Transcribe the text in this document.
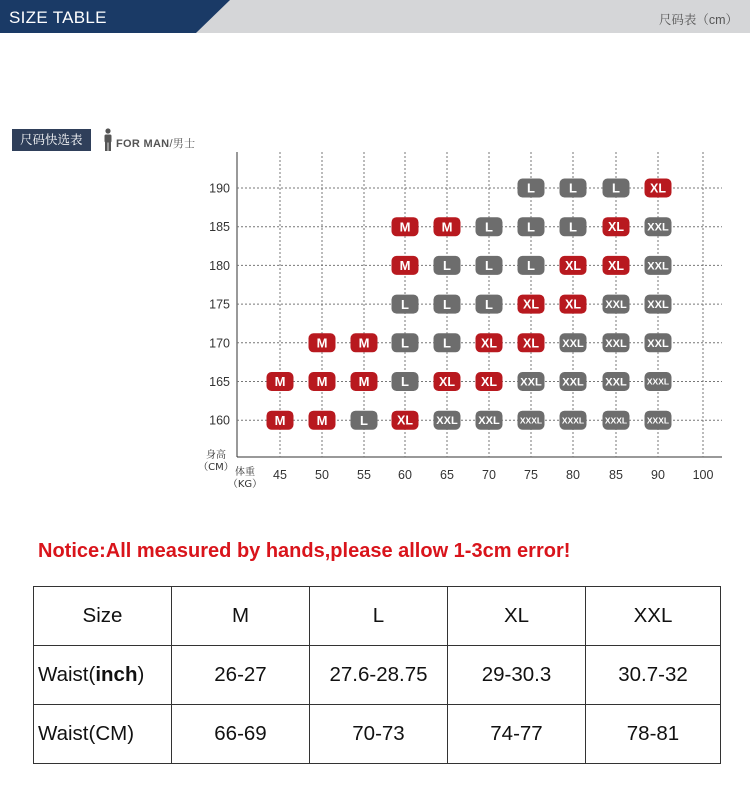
SIZE TABLE	尺码表（cm）
尺码快选表	FOR MAN/男士
190
185
180
175
170
165
160
45 50 55 60 65 70 75 80 85 90 100
身高
（CM） 体重
（KG）
L	L	L XL
M M	L	L	L XL XXL
M	L	L	L XL XL XXL
L	L	L XL XL XXL XXL
M M L	L XL XL XXL XXL XXL
M M M L XL XL XXL XXL XXL XXXL
M M	L XL XXL XXL XXXL XXXL XXXL XXXL
Notice:All measured by hands,please allow 1-3cm error!
Size	M	L	XL	XXL
Waist(inch)	26-27	27.6-28.75	29-30.3	30.7-32
Waist(CM)	66-69	70-73	74-77	78-81
